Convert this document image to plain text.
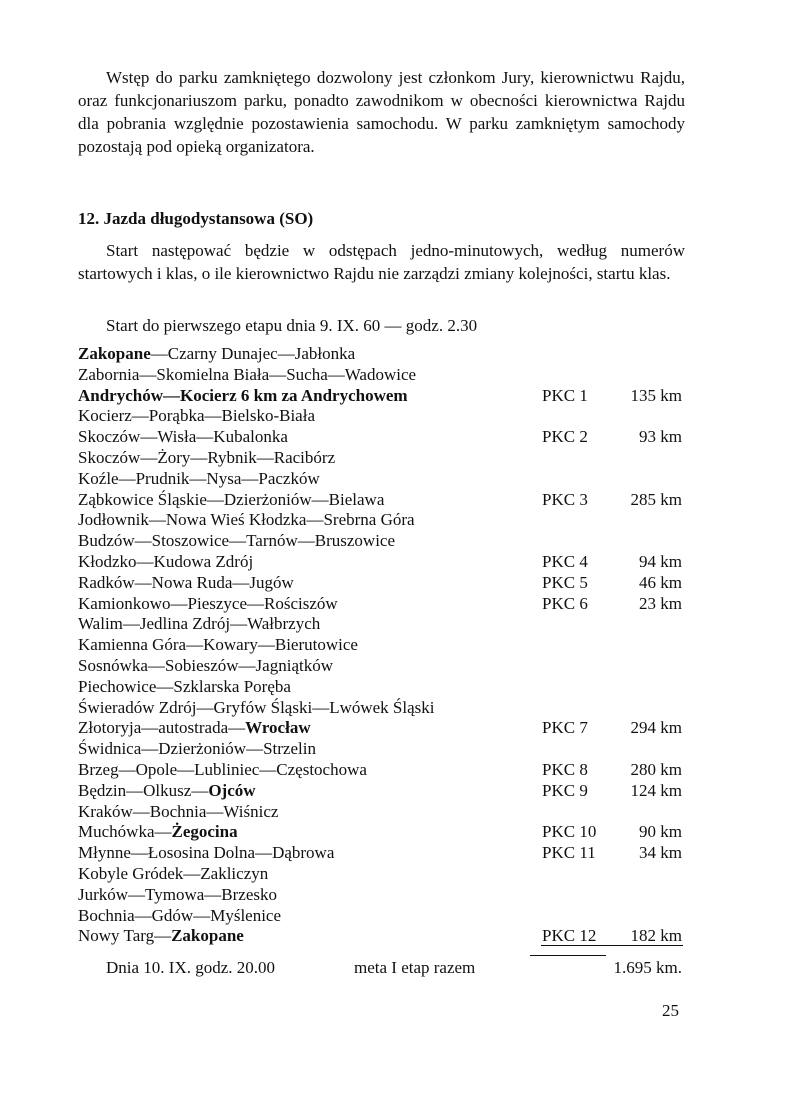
Wstęp do parku zamkniętego dozwolony jest członkom Jury, kierownictwu Rajdu, oraz funkcjonariuszom parku, ponadto zawodnikom w obecności kierownictwa Rajdu dla pobrania względnie pozostawienia samochodu. W parku zamkniętym samochody pozostają pod opieką organizatora.

12. Jazda długodystansowa (SO)

Start następować będzie w odstępach jedno-minutowych, według numerów startowych i klas, o ile kierownictwo Rajdu nie zarządzi zmiany kolejności, startu klas.

Start do pierwszego etapu dnia 9. IX. 60 — godz. 2.30

Zakopane—Czarny Dunajec—Jabłonka
Zabornia—Skomielna Biała—Sucha—Wadowice
Andrychów—Kocierz 6 km za Andrychowem	PKC 1	135 km
Kocierz—Porąbka—Bielsko-Biała
Skoczów—Wisła—Kubalonka	PKC 2	93 km
Skoczów—Żory—Rybnik—Racibórz
Koźle—Prudnik—Nysa—Paczków
Ząbkowice Śląskie—Dzierżoniów—Bielawa	PKC 3	285 km
Jodłownik—Nowa Wieś Kłodzka—Srebrna Góra
Budzów—Stoszowice—Tarnów—Bruszowice
Kłodzko—Kudowa Zdrój	PKC 4	94 km
Radków—Nowa Ruda—Jugów	PKC 5	46 km
Kamionkowo—Pieszyce—Rościszów	PKC 6	23 km
Walim—Jedlina Zdrój—Wałbrzych
Kamienna Góra—Kowary—Bierutowice
Sosnówka—Sobieszów—Jagniątków
Piechowice—Szklarska Poręba
Świeradów Zdrój—Gryfów Śląski—Lwówek Śląski
Złotoryja—autostrada—Wrocław	PKC 7	294 km
Świdnica—Dzierżoniów—Strzelin
Brzeg—Opole—Lubliniec—Częstochowa	PKC 8	280 km
Będzin—Olkusz—Ojców	PKC 9	124 km
Kraków—Bochnia—Wiśnicz
Muchówka—Żegocina	PKC 10	90 km
Młynne—Łososina Dolna—Dąbrowa	PKC 11	34 km
Kobyle Gródek—Zakliczyn
Jurków—Tymowa—Brzesko
Bochnia—Gdów—Myślenice
Nowy Targ—Zakopane	PKC 12 182 km
Dnia 10. IX. godz. 20.00	meta I etap razem	1.695 km.
25
